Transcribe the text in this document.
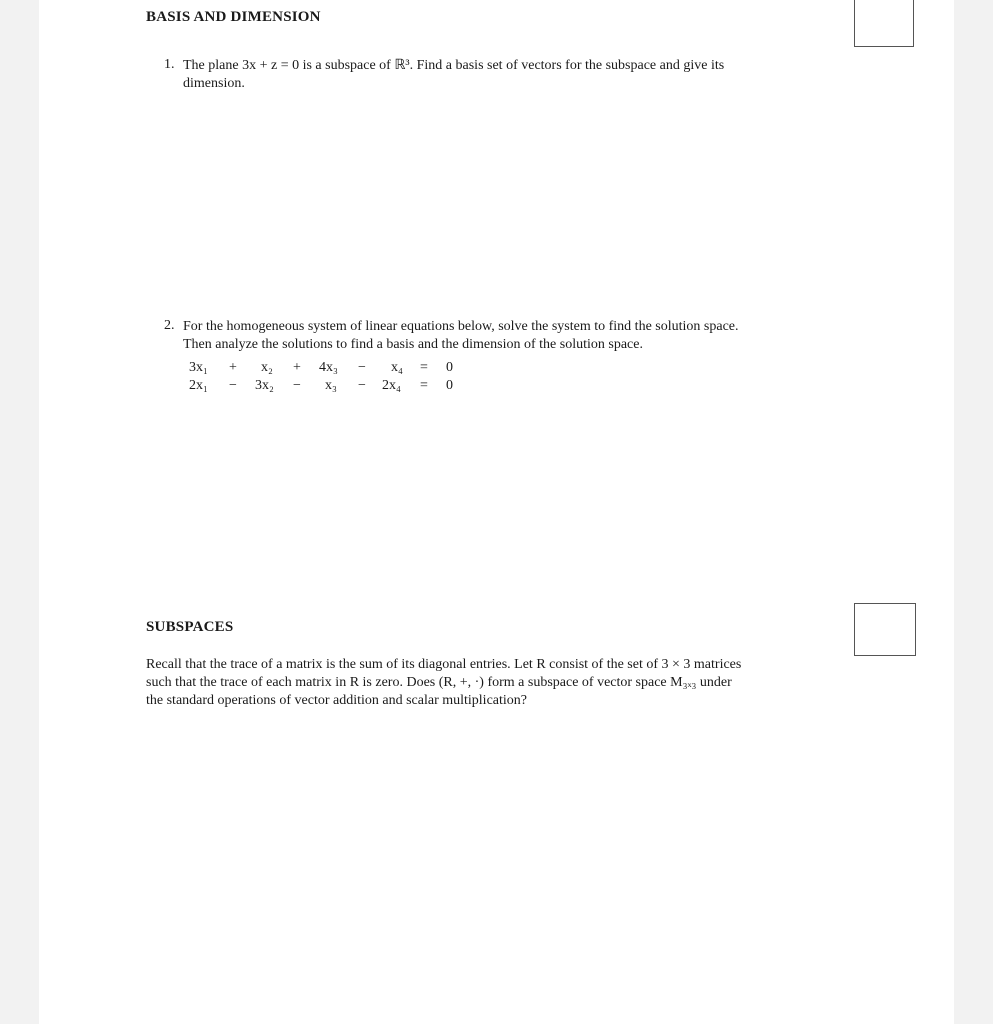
BASIS AND DIMENSION
1. The plane 3x + z = 0 is a subspace of ℝ³. Find a basis set of vectors for the subspace and give its
dimension.
2. For the homogeneous system of linear equations below, solve the system to find the solution space.
Then analyze the solutions to find a basis and the dimension of the solution space.
3x₁ + x₂ + 4x₃ − x₄ = 0
2x₁ − 3x₂ − x₃ − 2x₄ = 0
SUBSPACES
Recall that the trace of a matrix is the sum of its diagonal entries. Let R consist of the set of 3 × 3 matrices
such that the trace of each matrix in R is zero. Does (R, +, ·) form a subspace of vector space M₃ₓ₃ under
the standard operations of vector addition and scalar multiplication?
